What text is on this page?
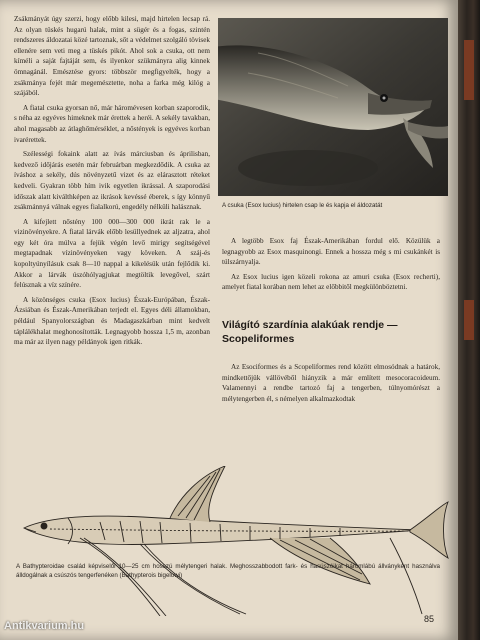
Zsákmányát úgy szerzi, hogy előbb kilesi, majd hirtelen lecsap rá. Az olyan tüskés hugarú halak, mint a sügér és a fogas, szintén rendszeres áldozatai közé tartoznak, sőt a védelmet szolgáló tövisek ellenére sem veti meg a tüskés pikót. Ahol sok a csuka, ott nem kíméli a saját fajtáját sem, és ilyenkor szükmányra alig kinnek ömnagánál. Emésztése gyors: többször megfigyelték, hogy a zsákmánya fejét már megemésztette, noha a farka még kilóg a szájából.

A fiatal csuka gyorsan nő, már háromévesen korban szaporodik, s néha az egyéves himeknek már érettek a heréi. A sekély tavakban, ahol magasabb az átlaghőmérséklet, a nőstények is egyéves korban ivarérettek.

Szélességi fokaink alatt az ívás márciusban és áprilisban, kedvező időjárás esetén már februárban megkezdődik. A csuka az íváshoz a sekély, dús növényzetű vizet és az elárasztott réteket kedveli. Gyakran több hím ivik egyetlen ikrással. A szaporodási időszak alatt kiválthképen az ikrások kevéssé éberek, s így könnyű zsákmánnyá válnak egyes fialalkorú, engedély nélküli halásznak.

A kifejlett nőstény 100 000—300 000 ikrát rak le a vizinövényekre. A fiatal lárvák előbb lesüllyednek az aljzatra, ahol egy két óra múlva a fejük végén levő mirigy segítségével megtapadnak vízinövényeken vagy köveken. A száj-és kopoltyúnyílásuk csak 8—10 nappal a kikelésük után fejlődik ki. Akkor a lárvák úszóhólyagjukat megtöltik levegővel, szárt felúsznak a víz színére.

A közönséges csuka (Esox lucius) Észak-Európában, Észak-Ázsiában és Észak-Amerikában terjedt el. Egyes déli államokban, például Spanyolországban és Madagaszkárban mint kedvelt táplálékhalat meghonosították. Legnagyobb hossza 1,5 m, azonban ma már az ilyen nagy példányok igen ritkák.

A csuka (Esox lucius) hirtelen csap le és kapja el áldozatát

A legtöbb Esox faj Észak-Amerikában fordul elő. Közülük a legnagyobb az Esox masquinongi. Ennek a hossza még s mi csukánkét is túlszárnyalja.

Az Esox lucius igen közeli rokona az amuri csuka (Esox recherti), amelyet fiatal korában nem lehet az előbbitől megkülönböztetni.

Világító szardínia alakúak rendje — Scopeliformes

Az Esociformes és a Scopeliformes rend között elmosódnak a határok, mindkettőjük vállövéből hiányzik a már említett mesocoracoideum. Valamennyi a rendbe tartozó faj a tengerben, túlnyomórészt a mélytengerben él, s némelyen alkalmazkodtak

A Bathypteroidae család képviselői 10—25 cm hosszú mélytengeri halak. Meghosszabbodott fark- és hasúszóikat háromlábú állványként használva álldogálnak a csúszós tengerfenéken (Bathypterois bigelowi)
85
Antikvarium.hu
